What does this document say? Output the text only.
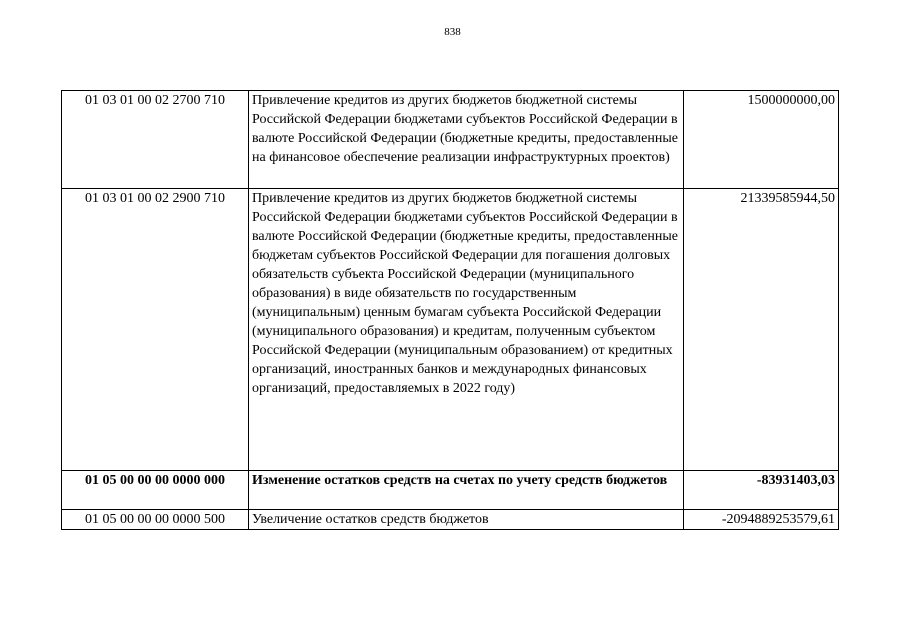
838
01 03 01 00 02 2700 710	Привлечение кредитов из других бюджетов бюджетной системы Российской Федерации бюджетами субъектов Российской Федерации в валюте Российской Федерации (бюджетные кредиты, предоставленные на финансовое обеспечение реализации инфраструктурных проектов)	1500000000,00
01 03 01 00 02 2900 710	Привлечение кредитов из других бюджетов бюджетной системы Российской Федерации бюджетами субъектов Российской Федерации в валюте Российской Федерации (бюджетные кредиты, предоставленные бюджетам субъектов Российской Федерации для погашения долговых обязательств субъекта Российской Федерации (муниципального образования) в виде обязательств по государственным (муниципальным) ценным бумагам субъекта Российской Федерации (муниципального образования) и кредитам, полученным субъектом Российской Федерации (муниципальным образованием) от кредитных организаций, иностранных банков и международных финансовых организаций, предоставляемых в 2022 году)	21339585944,50
01 05 00 00 00 0000 000	Изменение остатков средств на счетах по учету средств бюджетов	-83931403,03
01 05 00 00 00 0000 500	Увеличение остатков средств бюджетов	-2094889253579,61
